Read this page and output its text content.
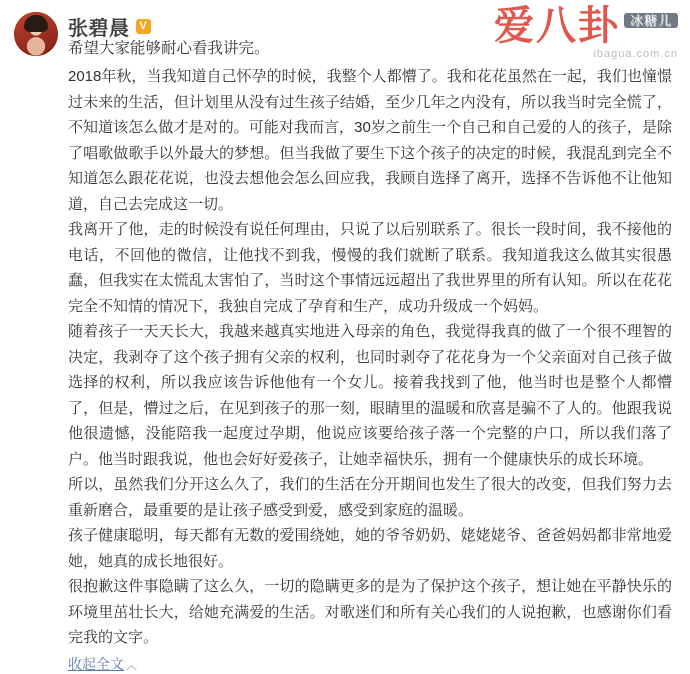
爱八卦 冰糖儿
ibagua.com.cn
张碧晨 V

希望大家能够耐心看我讲完。

2018年秋，当我知道自己怀孕的时候，我整个人都懵了。我和花花虽然在一起，我们也憧憬过未来的生活，但计划里从没有过生孩子结婚，至少几年之内没有，所以我当时完全慌了，不知道该怎么做才是对的。可能对我而言，30岁之前生一个自己和自己爱的人的孩子，是除了唱歌做歌手以外最大的梦想。但当我做了要生下这个孩子的决定的时候，我混乱到完全不知道怎么跟花花说，也没去想他会怎么回应我，我顾自选择了离开，选择不告诉他不让他知道，自己去完成这一切。

我离开了他，走的时候没有说任何理由，只说了以后别联系了。很长一段时间，我不接他的电话，不回他的微信，让他找不到我，慢慢的我们就断了联系。我知道我这么做其实很愚蠢，但我实在太慌乱太害怕了，当时这个事情远远超出了我世界里的所有认知。所以在花花完全不知情的情况下，我独自完成了孕育和生产，成功升级成一个妈妈。

随着孩子一天天长大，我越来越真实地进入母亲的角色，我觉得我真的做了一个很不理智的决定，我剥夺了这个孩子拥有父亲的权利，也同时剥夺了花花身为一个父亲面对自己孩子做选择的权利，所以我应该告诉他他有一个女儿。接着我找到了他，他当时也是整个人都懵了，但是，懵过之后，在见到孩子的那一刻，眼睛里的温暖和欣喜是骗不了人的。他跟我说他很遗憾，没能陪我一起度过孕期，他说应该要给孩子落一个完整的户口，所以我们落了户。他当时跟我说，他也会好好爱孩子，让她幸福快乐，拥有一个健康快乐的成长环境。

所以，虽然我们分开这么久了，我们的生活在分开期间也发生了很大的改变，但我们努力去重新磨合，最重要的是让孩子感受到爱，感受到家庭的温暖。

孩子健康聪明，每天都有无数的爱围绕她，她的爷爷奶奶、姥姥姥爷、爸爸妈妈都非常地爱她，她真的成长地很好。

很抱歉这件事隐瞒了这么久，一切的隐瞒更多的是为了保护这个孩子，想让她在平静快乐的环境里茁壮长大，给她充满爱的生活。对歌迷们和所有关心我们的人说抱歉，也感谢你们看完我的文字。

收起全文 ︿
